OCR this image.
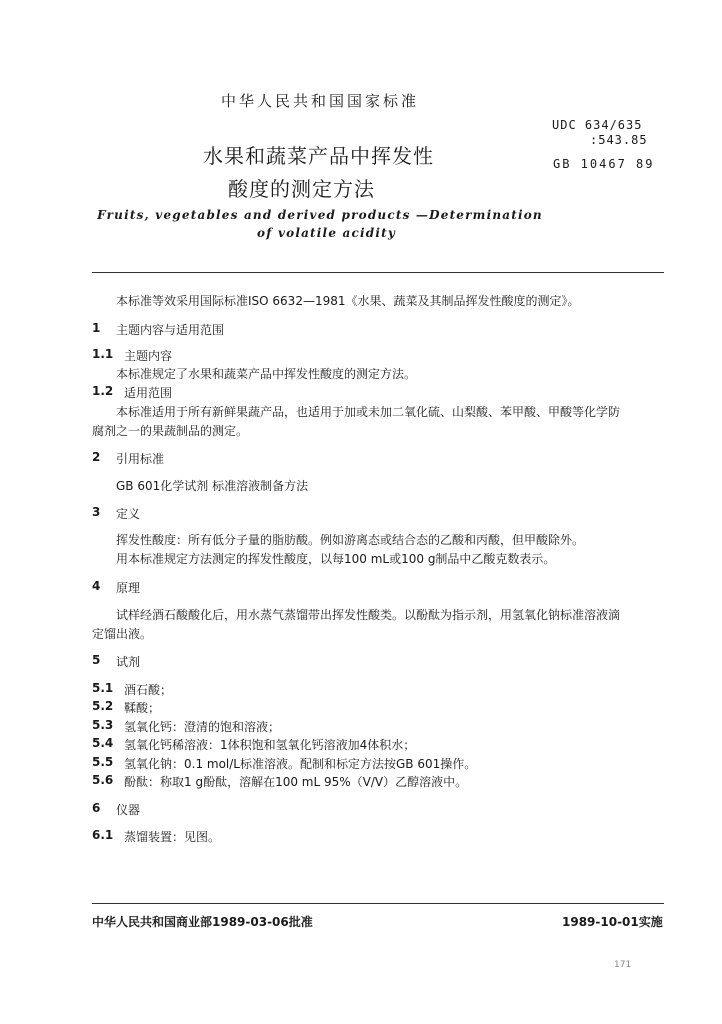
中华人民共和国国家标准
UDC 634/635
:543.85
GB 10467 89
水果和蔬菜产品中挥发性
酸度的测定方法
Fruits, vegetables and derived products —Determination
of volatile acidity
本标准等效采用国际标准ISO 6632—1981《水果、蔬菜及其制品挥发性酸度的测定》。
1 主题内容与适用范围
1.1 主题内容
本标准规定了水果和蔬菜产品中挥发性酸度的测定方法。
1.2 适用范围
本标准适用于所有新鲜果蔬产品，也适用于加或未加二氧化硫、山梨酸、苯甲酸、甲酸等化学防
腐剂之一的果蔬制品的测定。
2 引用标准
GB 601化学试剂 标准溶液制备方法
3 定义
挥发性酸度：所有低分子量的脂肪酸。例如游离态或结合态的乙酸和丙酸，但甲酸除外。
用本标准规定方法测定的挥发性酸度，以每100 mL或100 g制品中乙酸克数表示。
4 原理
试样经酒石酸酸化后，用水蒸气蒸馏带出挥发性酸类。以酚酞为指示剂，用氢氧化钠标准溶液滴
定馏出液。
5 试剂
5.1 酒石酸；
5.2 鞣酸；
5.3 氢氧化钙：澄清的饱和溶液；
5.4 氢氧化钙稀溶液：1体积饱和氢氧化钙溶液加4体积水；
5.5 氢氧化钠：0.1 mol/L标准溶液。配制和标定方法按GB 601操作。
5.6 酚酞：称取1 g酚酞，溶解在100 mL 95%（V/V）乙醇溶液中。
6 仪器
6.1 蒸馏装置：见图。
中华人民共和国商业部1989-03-06批准	1989-10-01实施
171
